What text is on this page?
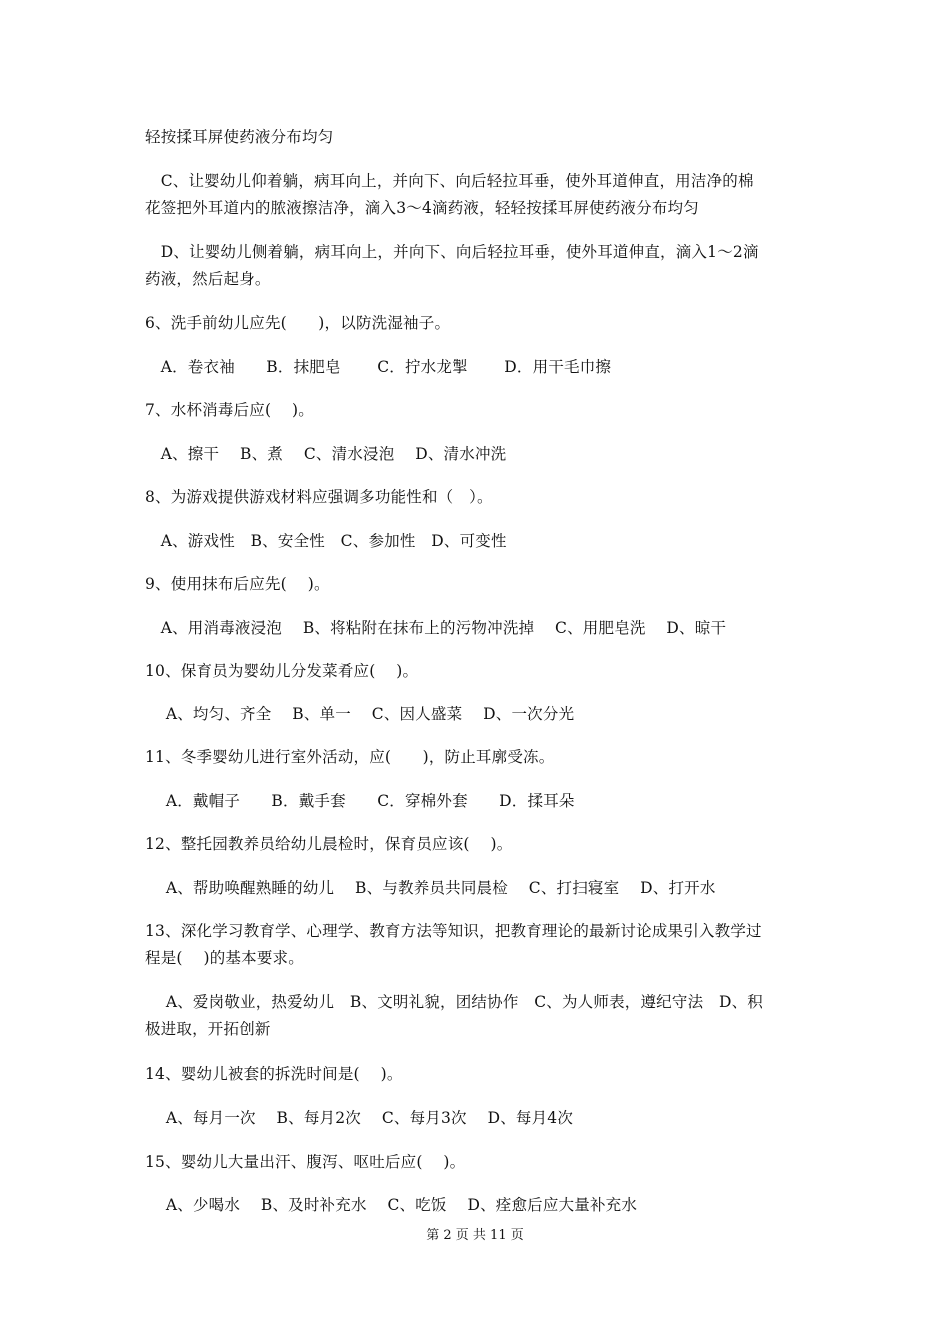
轻按揉耳屏使药液分布均匀

　C、让婴幼儿仰着躺，病耳向上，并向下、向后轻拉耳垂，使外耳道伸直，用洁净的棉

花签把外耳道内的脓液擦洁净，滴入3～4滴药液，轻轻按揉耳屏使药液分布均匀

　D、让婴幼儿侧着躺，病耳向上，并向下、向后轻拉耳垂，使外耳道伸直，滴入1～2滴

药液，然后起身。

6、洗手前幼儿应先(　　)，以防洗湿袖子。

　A．卷衣袖　　B．抹肥皂　　 C．拧水龙掣　　 D．用干毛巾擦

7、水杯消毒后应(　 )。

　A、擦干　 B、煮　 C、清水浸泡　 D、清水冲洗

8、为游戏提供游戏材料应强调多功能性和（　）。

　A、游戏性　B、安全性　C、参加性　D、可变性

9、使用抹布后应先(　 )。

　A、用消毒液浸泡　 B、将粘附在抹布上的污物冲洗掉　 C、用肥皂洗　 D、晾干

10、保育员为婴幼儿分发菜肴应(　 )。

　 A、均匀、齐全　 B、单一　 C、因人盛菜　 D、一次分光

11、冬季婴幼儿进行室外活动，应(　　)，防止耳廓受冻。

　 A．戴帽子　　B．戴手套　　C．穿棉外套　　D．揉耳朵

12、整托园教养员给幼儿晨检时，保育员应该(　 )。

　 A、帮助唤醒熟睡的幼儿　 B、与教养员共同晨检　 C、打扫寝室　 D、打开水

13、深化学习教育学、心理学、教育方法等知识，把教育理论的最新讨论成果引入教学过

程是(　 )的基本要求。

　 A、爱岗敬业，热爱幼儿　B、文明礼貌，团结协作　C、为人师表，遵纪守法　D、积

极进取，开拓创新

14、婴幼儿被套的拆洗时间是(　 )。

　 A、每月一次　 B、每月2次　 C、每月3次　 D、每月4次

15、婴幼儿大量出汗、腹泻、呕吐后应(　 )。

　 A、少喝水　 B、及时补充水　 C、吃饭　 D、痊愈后应大量补充水

第 2 页 共 11 页
